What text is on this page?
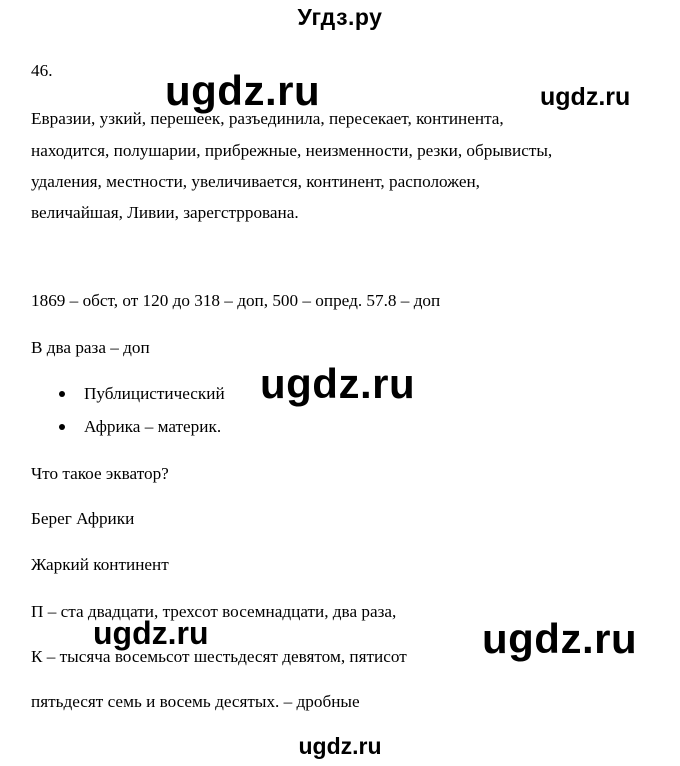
Угдз.ру
46.	ugdz.ru	ugdz.ru
Евразии, узкий, перешеек, разъединила, пересекает, континента,
находится, полушарии, прибрежные, неизменности, резки, обрывисты,
удаления, местности, увеличивается, континент, расположен,
величайшая, Ливии, зарегстррована.
1869 – обст, от 120 до 318 – доп, 500 – опред. 57.8 – доп
В два раза – доп
Публицистический ugdz.ru
Африка – материк.
Что такое экватор?
Берег Африки
Жаркий континент
П – ста двадцати, трехсот восемнадцати, два раза,
ugdz.ru	ugdz.ru
К – тысяча восемьсот шестьдесят девятом, пятисот
пятьдесят семь и восемь десятых. – дробные
ugdz.ru
